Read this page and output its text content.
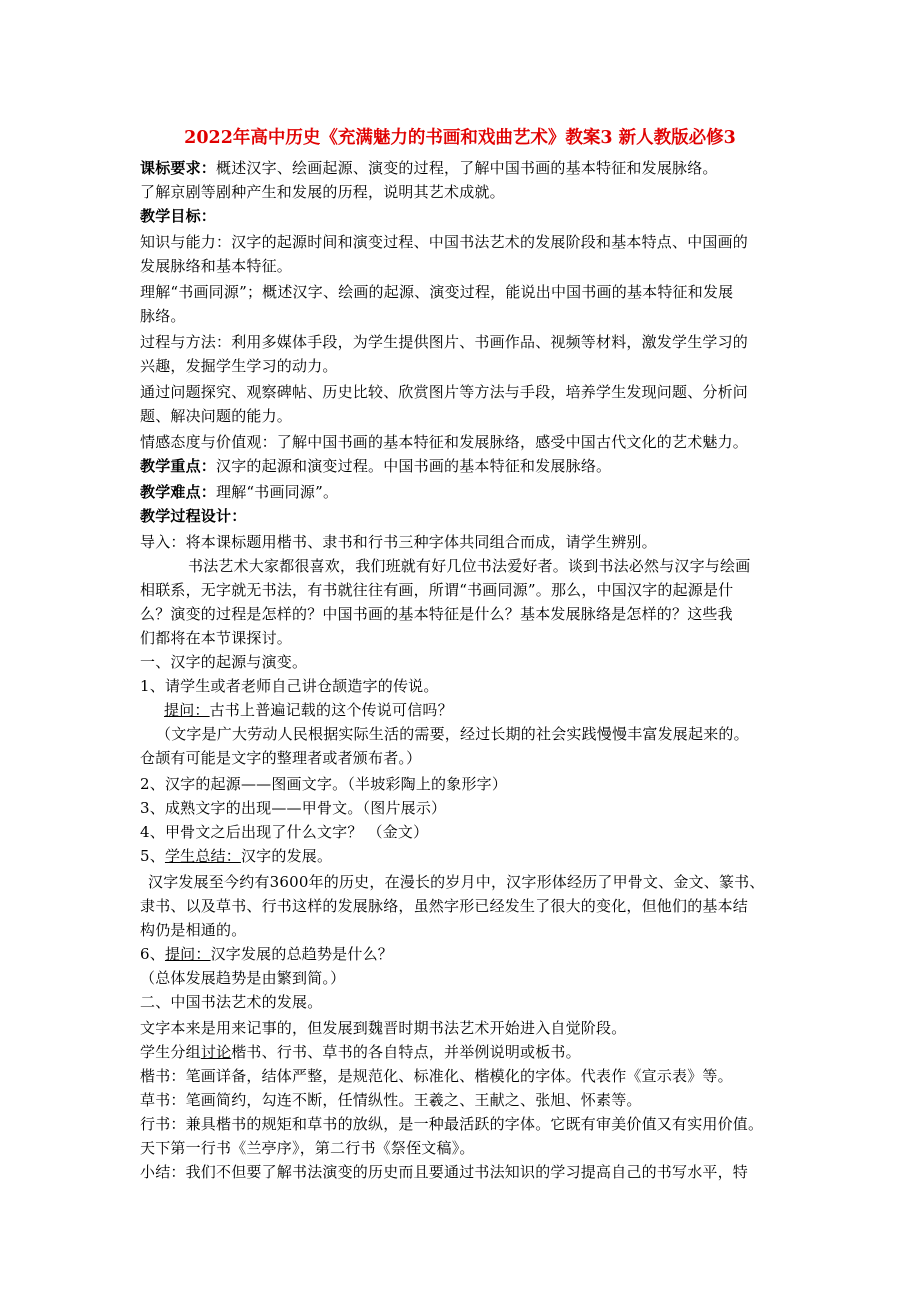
2022年高中历史《充满魅力的书画和戏曲艺术》教案3 新人教版必修3
课标要求：概述汉字、绘画起源、演变的过程，了解中国书画的基本特征和发展脉络。
了解京剧等剧种产生和发展的历程，说明其艺术成就。
教学目标：
知识与能力：汉字的起源时间和演变过程、中国书法艺术的发展阶段和基本特点、中国画的
发展脉络和基本特征。
理解“书画同源”；概述汉字、绘画的起源、演变过程，能说出中国书画的基本特征和发展
脉络。
过程与方法：利用多媒体手段，为学生提供图片、书画作品、视频等材料，激发学生学习的
兴趣，发掘学生学习的动力。
通过问题探究、观察碑帖、历史比较、欣赏图片等方法与手段，培养学生发现问题、分析问
题、解决问题的能力。
情感态度与价值观：了解中国书画的基本特征和发展脉络，感受中国古代文化的艺术魅力。
教学重点：汉字的起源和演变过程。中国书画的基本特征和发展脉络。
教学难点：理解“书画同源”。
教学过程设计：
导入：将本课标题用楷书、隶书和行书三种字体共同组合而成，请学生辨别。
书法艺术大家都很喜欢，我们班就有好几位书法爱好者。谈到书法必然与汉字与绘画
相联系，无字就无书法，有书就往往有画，所谓“书画同源”。那么，中国汉字的起源是什
么？演变的过程是怎样的？中国书画的基本特征是什么？基本发展脉络是怎样的？这些我
们都将在本节课探讨。
一、汉字的起源与演变。
1、请学生或者老师自己讲仓颉造字的传说。
提问：古书上普遍记载的这个传说可信吗？
（文字是广大劳动人民根据实际生活的需要，经过长期的社会实践慢慢丰富发展起来的。
仓颉有可能是文字的整理者或者颁布者。）
2、汉字的起源——图画文字。（半坡彩陶上的象形字）
3、成熟文字的出现——甲骨文。（图片展示）
4、甲骨文之后出现了什么文字？ （金文）
5、学生总结：汉字的发展。
汉字发展至今约有3600年的历史，在漫长的岁月中，汉字形体经历了甲骨文、金文、篆书、
隶书、以及草书、行书这样的发展脉络，虽然字形已经发生了很大的变化，但他们的基本结
构仍是相通的。
6、提问：汉字发展的总趋势是什么？
（总体发展趋势是由繁到简。）
二、中国书法艺术的发展。
文字本来是用来记事的，但发展到魏晋时期书法艺术开始进入自觉阶段。
学生分组讨论楷书、行书、草书的各自特点，并举例说明或板书。
楷书：笔画详备，结体严整，是规范化、标准化、楷模化的字体。代表作《宣示表》等。
草书：笔画简约，勾连不断，任情纵性。王羲之、王献之、张旭、怀素等。
行书：兼具楷书的规矩和草书的放纵，是一种最活跃的字体。它既有审美价值又有实用价值。
天下第一行书《兰亭序》，第二行书《祭侄文稿》。
小结：我们不但要了解书法演变的历史而且要通过书法知识的学习提高自己的书写水平，特
